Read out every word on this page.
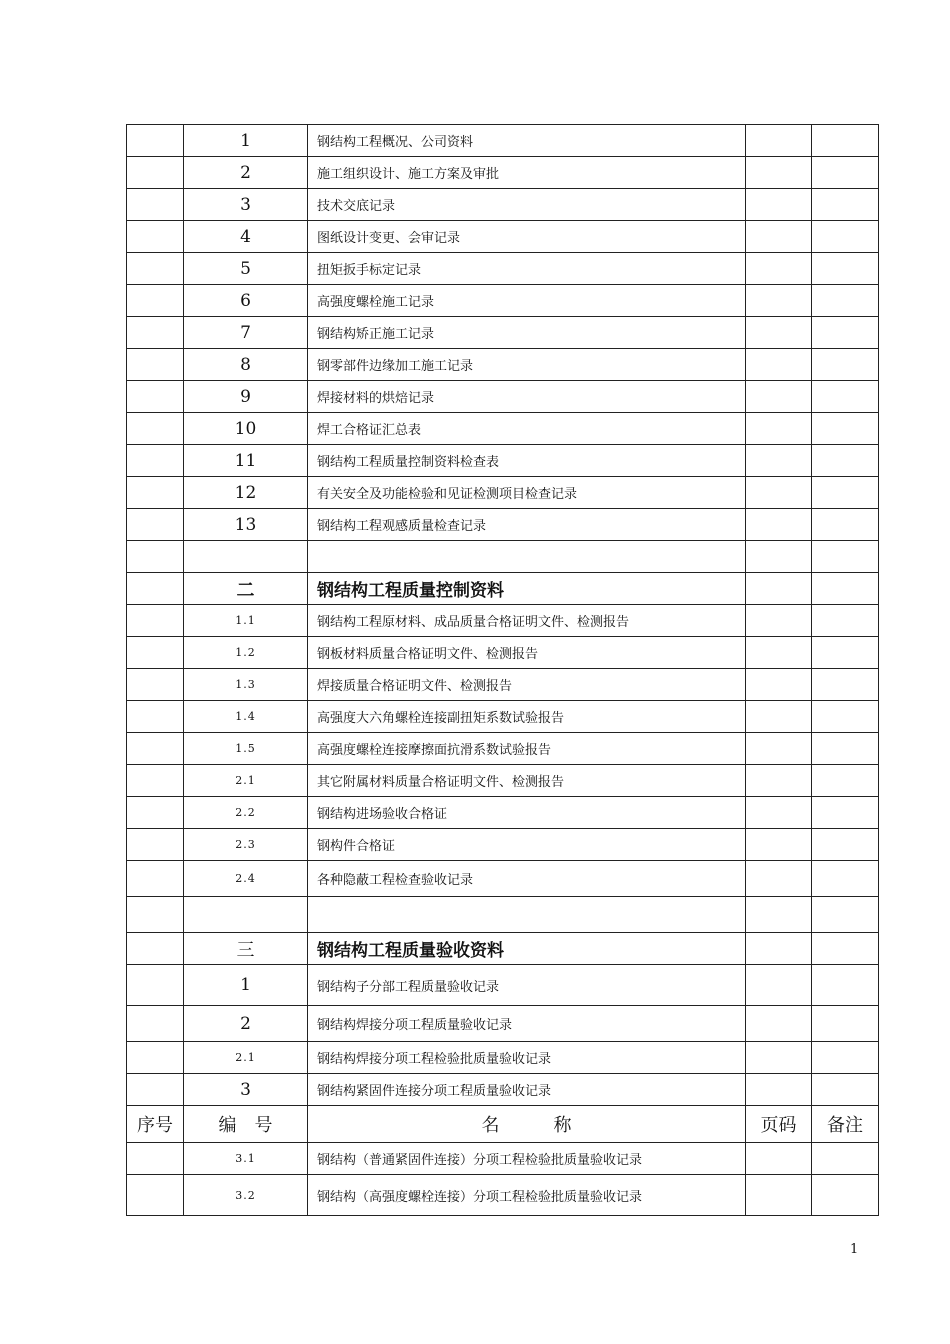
	1	钢结构工程概况、公司资料		
	2	施工组织设计、施工方案及审批		
	3	技术交底记录		
	4	图纸设计变更、会审记录		
	5	扭矩扳手标定记录		
	6	高强度螺栓施工记录		
	7	钢结构矫正施工记录		
	8	钢零部件边缘加工施工记录		
	9	焊接材料的烘焙记录		
	10	焊工合格证汇总表		
	11	钢结构工程质量控制资料检查表		
	12	有关安全及功能检验和见证检测项目检查记录		
	13	钢结构工程观感质量检查记录		

	二	钢结构工程质量控制资料		
	1.1	钢结构工程原材料、成品质量合格证明文件、检测报告		
	1.2	钢板材料质量合格证明文件、检测报告		
	1.3	焊接质量合格证明文件、检测报告		
	1.4	高强度大六角螺栓连接副扭矩系数试验报告		
	1.5	高强度螺栓连接摩擦面抗滑系数试验报告		
	2.1	其它附属材料质量合格证明文件、检测报告		
	2.2	钢结构进场验收合格证		
	2.3	钢构件合格证		
	2.4	各种隐蔽工程检查验收记录		

	三	钢结构工程质量验收资料		
	1	钢结构子分部工程质量验收记录		
	2	钢结构焊接分项工程质量验收记录		
	2.1	钢结构焊接分项工程检验批质量验收记录		
	3	钢结构紧固件连接分项工程质量验收记录		
序号	编　号	名　　　称	页码	备注
	3.1	钢结构（普通紧固件连接）分项工程检验批质量验收记录		
	3.2	钢结构（高强度螺栓连接）分项工程检验批质量验收记录		
1
